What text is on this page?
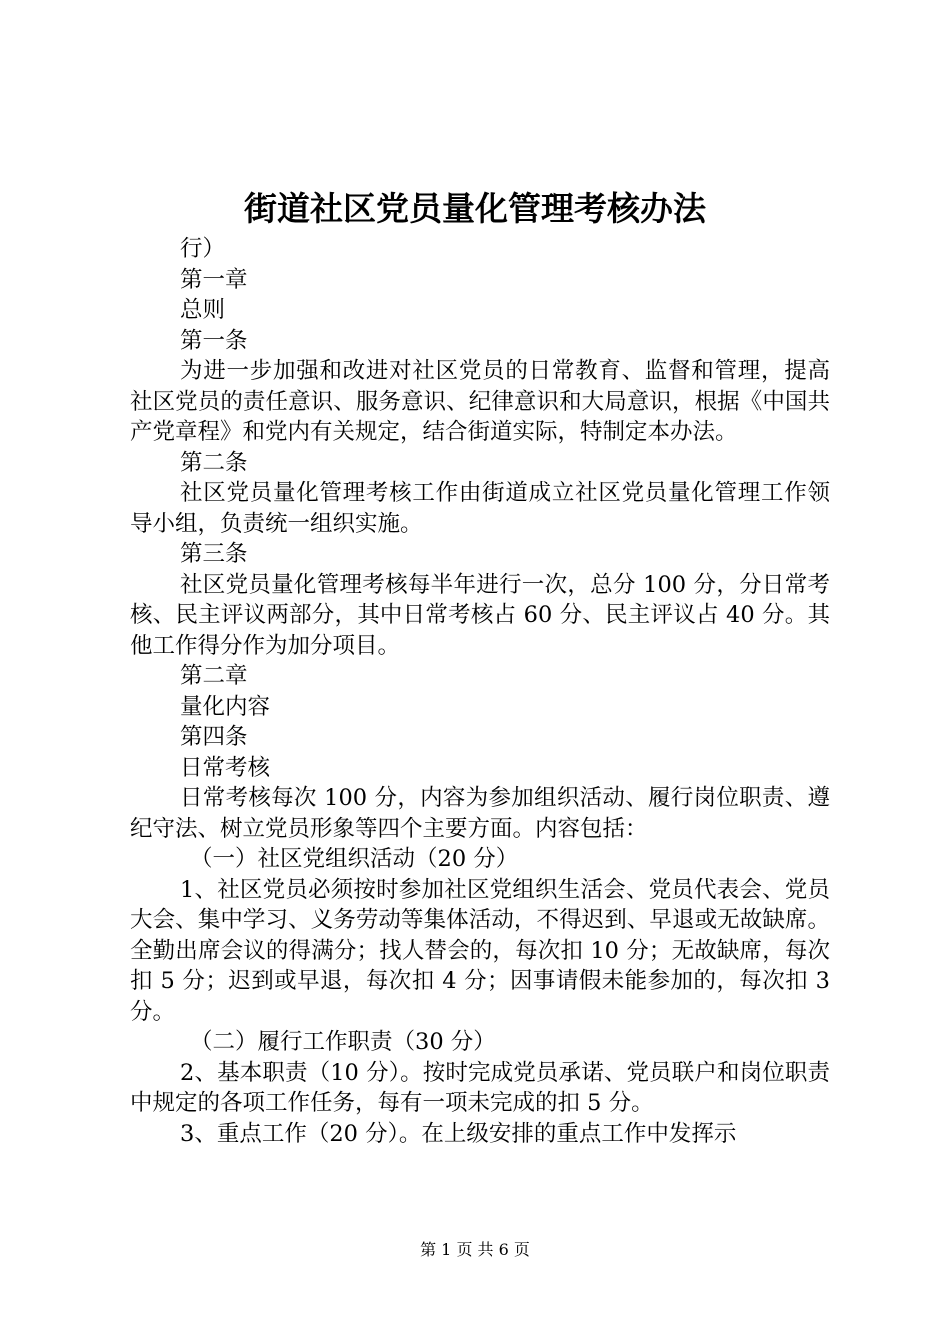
街道社区党员量化管理考核办法

行）

第一章

总则

第一条

为进一步加强和改进对社区党员的日常教育、监督和管理，提高社区党员的责任意识、服务意识、纪律意识和大局意识，根据《中国共产党章程》和党内有关规定，结合街道实际，特制定本办法。

第二条

社区党员量化管理考核工作由街道成立社区党员量化管理工作领导小组，负责统一组织实施。

第三条

社区党员量化管理考核每半年进行一次，总分 100 分，分日常考核、民主评议两部分，其中日常考核占 60 分、民主评议占 40 分。其他工作得分作为加分项目。

第二章

量化内容

第四条

日常考核

日常考核每次 100 分，内容为参加组织活动、履行岗位职责、遵纪守法、树立党员形象等四个主要方面。内容包括：

（一）社区党组织活动（20 分）

1、社区党员必须按时参加社区党组织生活会、党员代表会、党员大会、集中学习、义务劳动等集体活动，不得迟到、早退或无故缺席。全勤出席会议的得满分；找人替会的，每次扣 10 分；无故缺席，每次扣 5 分；迟到或早退，每次扣 4 分；因事请假未能参加的，每次扣 3 分。

（二）履行工作职责（30 分）

2、基本职责（10 分）。按时完成党员承诺、党员联户和岗位职责中规定的各项工作任务，每有一项未完成的扣 5 分。

3、重点工作（20 分）。在上级安排的重点工作中发挥示

第 1 页 共 6 页
